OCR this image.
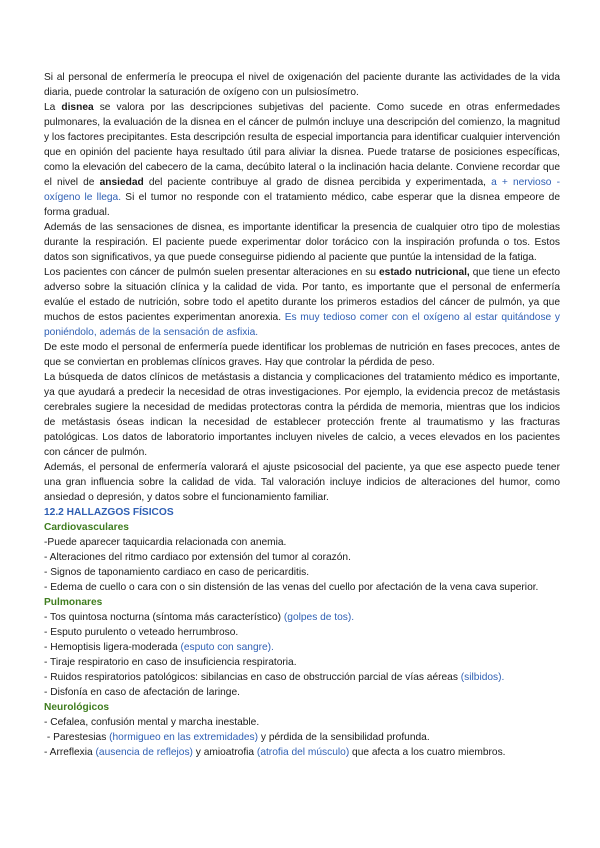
Si al personal de enfermería le preocupa el nivel de oxigenación del paciente durante las actividades de la vida diaria, puede controlar la saturación de oxígeno con un pulsiosímetro.

La disnea se valora por las descripciones subjetivas del paciente. Como sucede en otras enfermedades pulmonares, la evaluación de la disnea en el cáncer de pulmón incluye una descripción del comienzo, la magnitud y los factores precipitantes. Esta descripción resulta de especial importancia para identificar cualquier intervención que en opinión del paciente haya resultado útil para aliviar la disnea. Puede tratarse de posiciones específicas, como la elevación del cabecero de la cama, decúbito lateral o la inclinación hacia delante. Conviene recordar que el nivel de ansiedad del paciente contribuye al grado de disnea percibida y experimentada, a + nervioso - oxígeno le llega. Si el tumor no responde con el tratamiento médico, cabe esperar que la disnea empeore de forma gradual.

Además de las sensaciones de disnea, es importante identificar la presencia de cualquier otro tipo de molestias durante la respiración. El paciente puede experimentar dolor torácico con la inspiración profunda o tos. Estos datos son significativos, ya que puede conseguirse pidiendo al paciente que puntúe la intensidad de la fatiga.

Los pacientes con cáncer de pulmón suelen presentar alteraciones en su estado nutricional, que tiene un efecto adverso sobre la situación clínica y la calidad de vida. Por tanto, es importante que el personal de enfermería evalúe el estado de nutrición, sobre todo el apetito durante los primeros estadios del cáncer de pulmón, ya que muchos de estos pacientes experimentan anorexia. Es muy tedioso comer con el oxígeno al estar quitándose y poniéndolo, además de la sensación de asfixia.

De este modo el personal de enfermería puede identificar los problemas de nutrición en fases precoces, antes de que se conviertan en problemas clínicos graves. Hay que controlar la pérdida de peso.

La búsqueda de datos clínicos de metástasis a distancia y complicaciones del tratamiento médico es importante, ya que ayudará a predecir la necesidad de otras investigaciones. Por ejemplo, la evidencia precoz de metástasis cerebrales sugiere la necesidad de medidas protectoras contra la pérdida de memoria, mientras que los indicios de metástasis óseas indican la necesidad de establecer protección frente al traumatismo y las fracturas patológicas. Los datos de laboratorio importantes incluyen niveles de calcio, a veces elevados en los pacientes con cáncer de pulmón.

Además, el personal de enfermería valorará el ajuste psicosocial del paciente, ya que ese aspecto puede tener una gran influencia sobre la calidad de vida. Tal valoración incluye indicios de alteraciones del humor, como ansiedad o depresión, y datos sobre el funcionamiento familiar.

12.2 HALLAZGOS FÍSICOS

Cardiovasculares

-Puede aparecer taquicardia relacionada con anemia.

- Alteraciones del ritmo cardiaco por extensión del tumor al corazón.

- Signos de taponamiento cardiaco en caso de pericarditis.

- Edema de cuello o cara con o sin distensión de las venas del cuello por afectación de la vena cava superior.

Pulmonares

- Tos quintosa nocturna (síntoma más característico) (golpes de tos).

- Esputo purulento o veteado herrumbroso.

- Hemoptisis ligera-moderada (esputo con sangre).

- Tiraje respiratorio en caso de insuficiencia respiratoria.

- Ruidos respiratorios patológicos: sibilancias en caso de obstrucción parcial de vías aéreas (silbidos).

- Disfonía en caso de afectación de laringe.

Neurológicos

- Cefalea, confusión mental y marcha inestable.

- Parestesias (hormigueo en las extremidades) y pérdida de la sensibilidad profunda.

- Arreflexia (ausencia de reflejos) y amioatrofia (atrofia del músculo) que afecta a los cuatro miembros.
